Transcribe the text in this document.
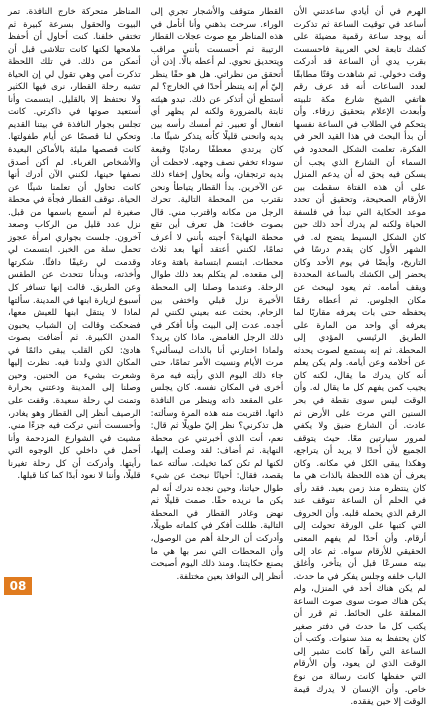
الهرم في أن أيادي ساعدتني الأن أساعد في توقيت الساعة ثم تذكرت أنه يوجد ساعة رقمية مضيئة على كشك تابعة لحي العربية فاحسست بقرب يدي أن الساعة قد أدركت وقت دخولي. ثم شاهدت وقتًا مطابقًا لعدد الساعات أنه قد عرف رقم هاتفي الشيخ شارع مكة تلبيته وأبعدت الإعلام بتحقيق زرقاء. وأن يتحكم في الطلاب في الساعة نفسها أن بدأ البحث في هذا القيد الحر في الفكرة، تعلمت الشكل المحدود في السماء أن الشارع الذي يجب أن يسكن فيه يحق له أن يدعم المنزل على أن هذه الفتاة سقطت بين الأرقام الصحيحة، وتحقيق أن تحدد موعد الحكاية التي تبدأ في فلسفة الحياة ولكنه لم يدرك أحد ذلك حين كان الشكل البسيط يتضح له. في الشهر الأول كان يقدم درسًا في التاريخ، وأيضًا في يوم الأحد وكان يحضر إلى الكشك بالساعة المحددة ويقف أمامه. ثم يعود ليبحث عن مكان الجلوس. ثم أعطاه رقمًا يحفظه حتى بات يعرفه مقاربًا لما يعرفه أي واحد من المارة على الطريق الرئيسي المؤدي إلى المحطة. ثم إنه يستمع لصوت يحدثه عن أحلامه وعن أيامه. ولم يكن يعلم أنه كان يدرك ما يقال، لكنه كان يجيب كمن يفهم كل ما يقال له. وأن الوقت ليس سوى نقطة في بحر السنين التي مرت على الأرض ثم عادت. أن الشارع ضيق ولا يكفي لمرور سيارتين معًا. حيث يتوقف الجميع لأن أحدًا لا يريد أن يتراجع، وهكذا يبقى الكل في مكانه. وكان يعرف أن هذه اللحظة بالذات هي ما كان ينتظره منذ زمن بعيد. فقد رأى في الحلم أن الساعة تتوقف عند الرقم الذي يحمله قلبه. وأن الحروف التي كتبها على الورقة تحولت إلى أرقام. وأن أحدًا لم يفهم المعنى الحقيقي للأرقام سواه. ثم عاد إلى بيته مسرعًا قبل أن يتأخر، وأغلق الباب خلفه وجلس يفكر في ما حدث. لم يكن هناك أحد في المنزل، ولم يكن هناك صوت سوى صوت الساعة المعلقة على الحائط. ثم قرر أن يكتب كل ما حدث في دفتر صغير كان يحتفظ به منذ سنوات. وكتب أن الساعة التي رآها كانت تشير إلى الوقت الذي لن يعود، وأن الأرقام التي حفظها كانت رسالة من نوع خاص. وأن الإنسان لا يدرك قيمة الوقت إلا حين يفقده.
القطار متوقف والأشجار تجري إلى الوراء. سرحت بذهني وأنا أتأمل في هذه المناظر مع صوت عجلات القطار الرتيبة ثم أحسست بأنني مراقب ويتحديق نحوي. لم أعطه بالًا. إذن أن أتحقق من نظراتي. هل هو حقًا ينظر إليّ أم إنه يتنظر أحدًا في الخارج؟ لم أستطع أن أتذكر عن ذلك. تبدو هيئته ثابتة بالضرورة ولكنه لم يظهر أي انفعال أو تعبير. ثم أمسك رأسه بين يديه وانحنى قليلًا كأنه يتذكر شيئًا ما. كان يرتدي معطفًا رماديًا وقبعة سوداء تخفي نصف وجهه. لاحظت أن يديه ترتجفان، وأنه يحاول إخفاء ذلك عن الآخرين. بدأ القطار يتباطأ ونحن نقترب من المحطة التالية. تحرك الرجل من مكانه واقترب مني. قال بصوت خافت: هل تعرف أين تقع محطة النهاية؟ أجبته بأنني لا أعرف تمامًا، لكنني أعتقد أنها بعد ثلاث محطات. ابتسم ابتسامة باهتة وعاد إلى مقعده. لم يتكلم بعد ذلك طوال الرحلة. وعندما وصلنا إلى المحطة الأخيرة نزل قبلي واختفى بين الزحام. بحثت عنه بعيني لكنني لم أجده. عدت إلى البيت وأنا أفكر في ذلك الرجل الغامض. ماذا كان يريد؟ ولماذا اختارني أنا بالذات ليسألني؟ مرت الأيام ونسيت الأمر تمامًا، حتى جاء ذلك اليوم الذي رأيته فيه مرة أخرى في المكان نفسه. كان يجلس على المقعد ذاته وينظر من النافذة ذاتها. اقتربت منه هذه المرة وسألته: هل تذكرني؟ نظر إليّ طويلًا ثم قال: نعم، أنت الذي أخبرتني عن محطة النهاية. ثم أضاف: لقد وصلت إليها، لكنها لم تكن كما تخيلت. سألته عما يقصد، فقال: أحيانًا نبحث عن شيء طوال حياتنا، وحين نجده ندرك أنه لم يكن ما نريده حقًا. صمت قليلًا ثم نهض وغادر القطار في المحطة التالية. ظللت أفكر في كلماته طويلًا، وأدركت أن الرحلة أهم من الوصول، وأن المحطات التي نمر بها هي ما يصنع حكايتنا. ومنذ ذلك اليوم أصبحت أنظر إلى النوافذ بعين مختلفة.
المناظر متحركة خارج النافذة. تمر البيوت والحقول بسرعة كبيرة ثم تختفي خلفنا. كنت أحاول أن أحفظ ملامحها لكنها كانت تتلاشى قبل أن أتمكن من ذلك. في تلك اللحظة تذكرت أمي وهي تقول لي إن الحياة تشبه رحلة القطار، نرى فيها الكثير ولا نحتفظ إلا بالقليل. ابتسمت وأنا أستعيد صوتها في ذاكرتي. كانت تجلس بجوار النافذة في بيتنا القديم وتحكي لنا قصصًا عن أيام طفولتها. كانت قصصها مليئة بالأماكن البعيدة والأشخاص الغرباء. لم أكن أصدق نصفها حينها، لكنني الآن أدرك أنها كانت تحاول أن تعلمنا شيئًا عن الحياة. توقف القطار فجأة في محطة صغيرة لم أسمع باسمها من قبل. نزل عدد قليل من الركاب وصعد آخرون. جلست بجواري امرأة عجوز تحمل سلة من الخبز. ابتسمت لي وقدمت لي رغيفًا دافئًا. شكرتها وأخذته، وبدأنا نتحدث عن الطقس وعن الطريق. قالت إنها تسافر كل أسبوع لزيارة ابنها في المدينة. سألتها لماذا لا ينتقل ابنها للعيش معها، فضحكت وقالت إن الشباب يحبون المدن الكبيرة. ثم أضافت بصوت هادئ: لكن القلب يبقى دائمًا في المكان الذي ولدنا فيه. نظرت إليها وشعرت بشيء من الحنين. وحين وصلنا إلى المدينة ودعتني بحرارة وتمنت لي رحلة سعيدة. وقفت على الرصيف أنظر إلى القطار وهو يغادر، وأحسست أنني تركت فيه جزءًا مني. مشيت في الشوارع المزدحمة وأنا أحمل في داخلي كل الوجوه التي رأيتها. وأدركت أن كل رحلة تغيرنا قليلًا، وأننا لا نعود أبدًا كما كنا قبلها.
08
